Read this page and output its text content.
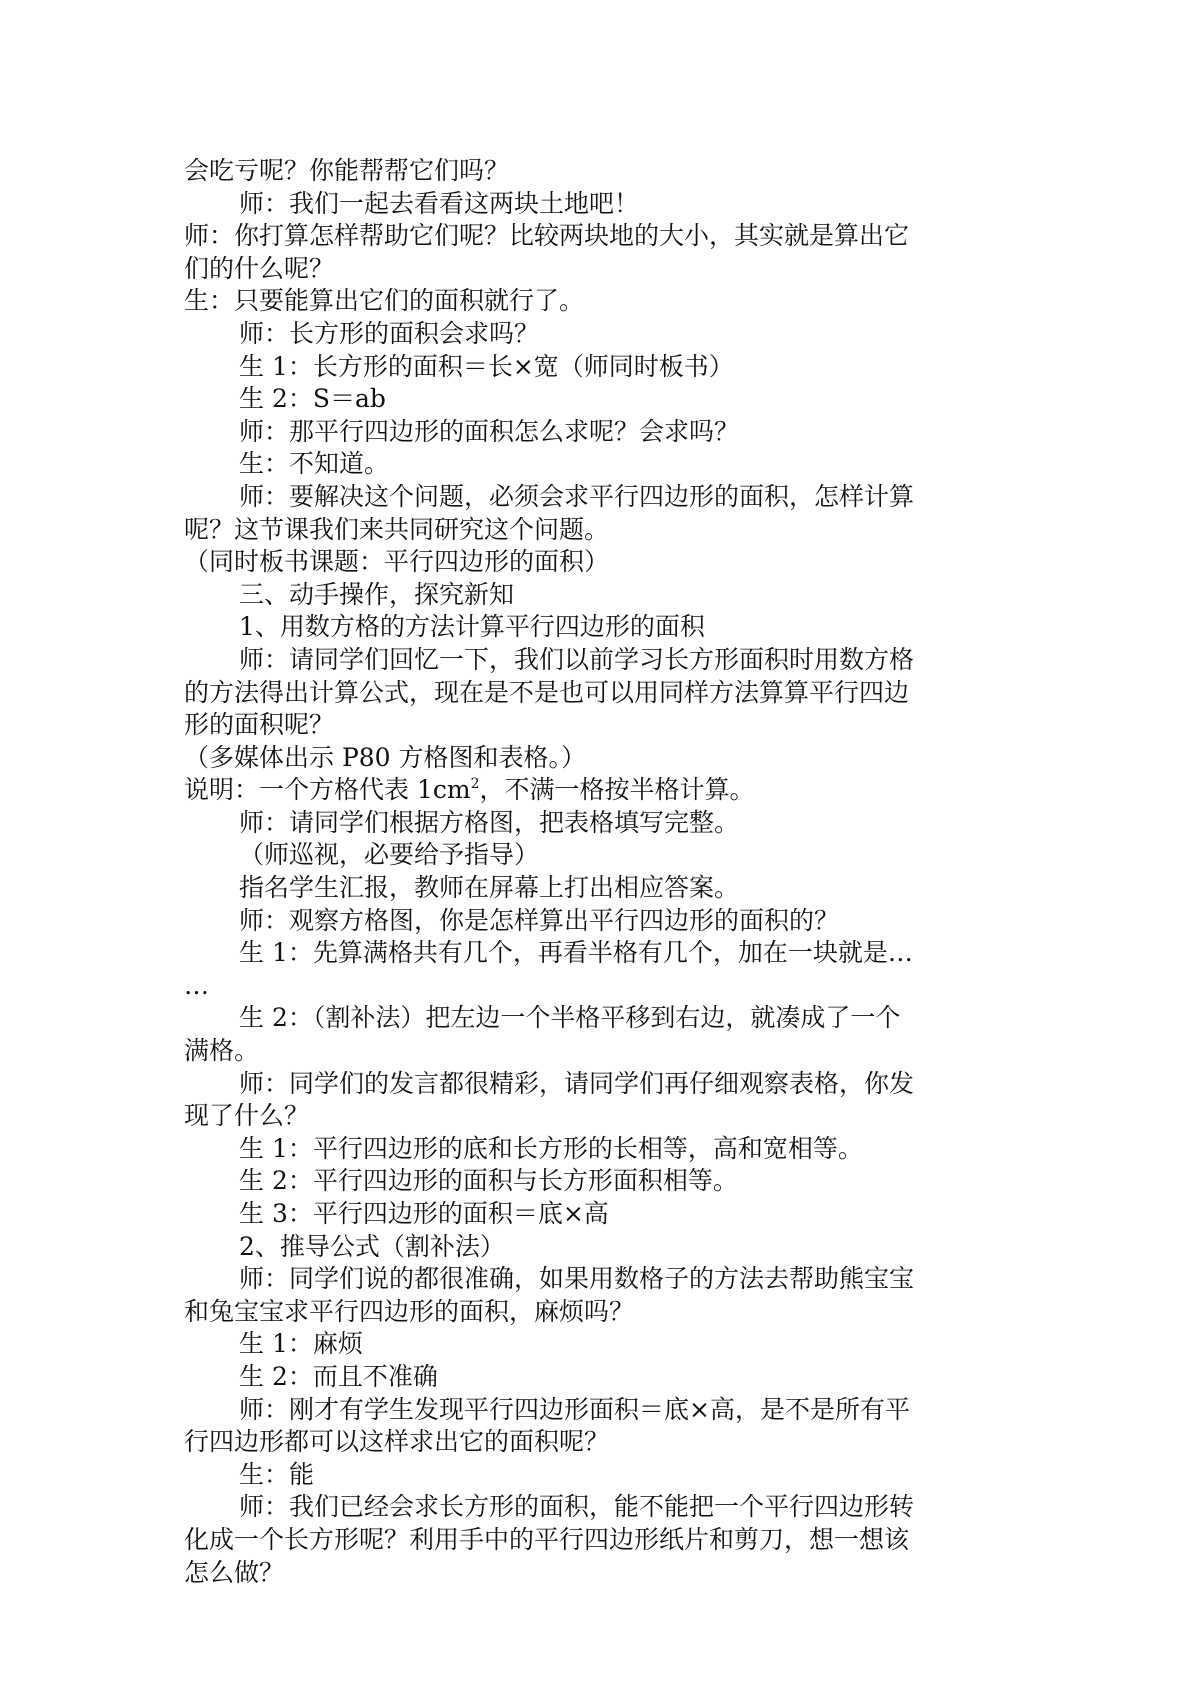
会吃亏呢？你能帮帮它们吗？
师：我们一起去看看这两块土地吧！
师：你打算怎样帮助它们呢？比较两块地的大小，其实就是算出它
们的什么呢？
生：只要能算出它们的面积就行了。
师：长方形的面积会求吗？
生 1：长方形的面积＝长×宽（师同时板书）
生 2：S＝ab
师：那平行四边形的面积怎么求呢？会求吗？
生：不知道。
师：要解决这个问题，必须会求平行四边形的面积，怎样计算
呢？这节课我们来共同研究这个问题。
（同时板书课题：平行四边形的面积）
三、动手操作，探究新知
1、用数方格的方法计算平行四边形的面积
师：请同学们回忆一下，我们以前学习长方形面积时用数方格
的方法得出计算公式，现在是不是也可以用同样方法算算平行四边
形的面积呢？
（多媒体出示 P80 方格图和表格。）
说明：一个方格代表 $1cm^2$，不满一格按半格计算。
师：请同学们根据方格图，把表格填写完整。
（师巡视，必要给予指导）
指名学生汇报，教师在屏幕上打出相应答案。
师：观察方格图，你是怎样算出平行四边形的面积的？
生 1：先算满格共有几个，再看半格有几个，加在一块就是…
…
生 2：（割补法）把左边一个半格平移到右边，就凑成了一个
满格。
师：同学们的发言都很精彩，请同学们再仔细观察表格，你发
现了什么？
生 1：平行四边形的底和长方形的长相等，高和宽相等。
生 2：平行四边形的面积与长方形面积相等。
生 3：平行四边形的面积＝底×高
2、推导公式（割补法）
师：同学们说的都很准确，如果用数格子的方法去帮助熊宝宝
和兔宝宝求平行四边形的面积，麻烦吗？
生 1：麻烦
生 2：而且不准确
师：刚才有学生发现平行四边形面积＝底×高，是不是所有平
行四边形都可以这样求出它的面积呢？
生：能
师：我们已经会求长方形的面积，能不能把一个平行四边形转
化成一个长方形呢？利用手中的平行四边形纸片和剪刀，想一想该
怎么做？
